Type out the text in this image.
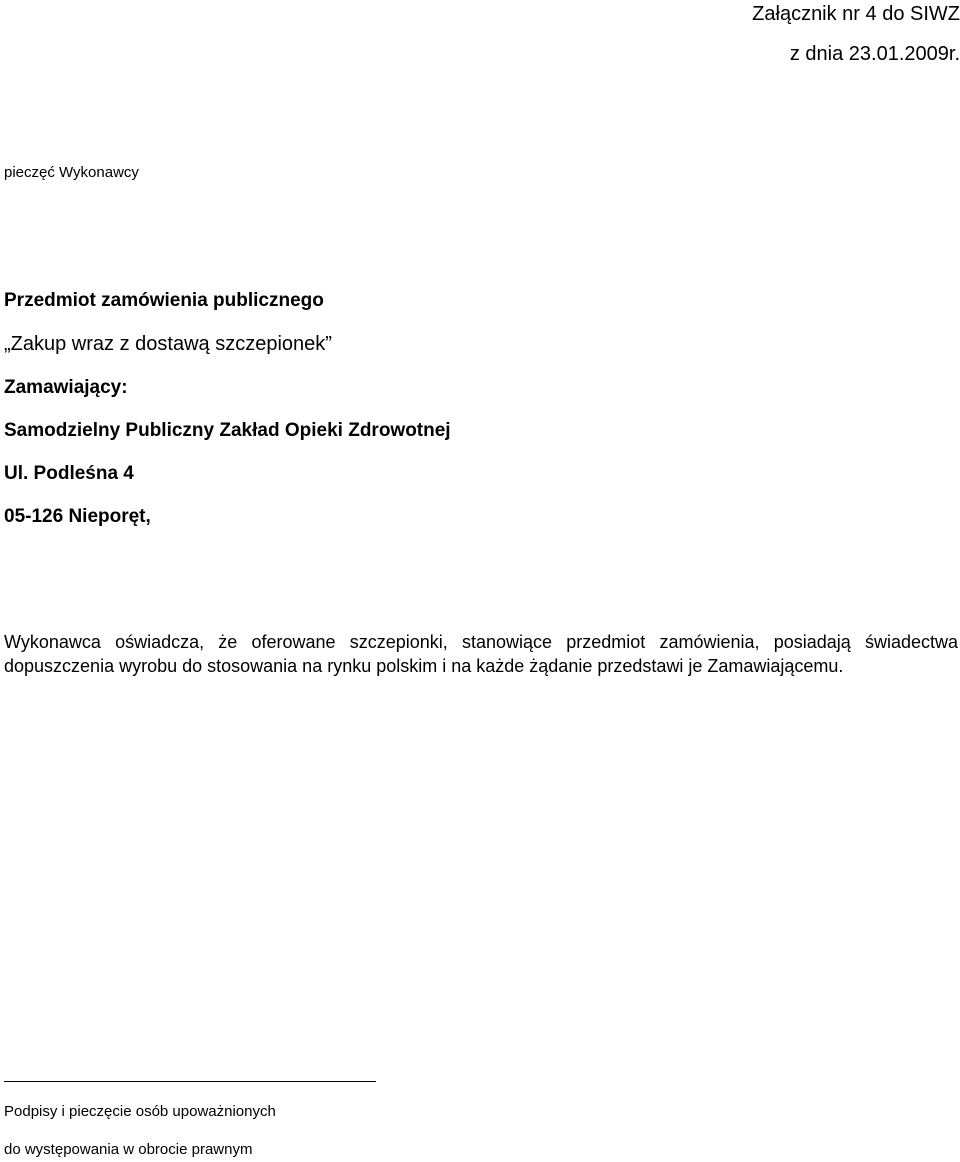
Załącznik nr 4 do SIWZ
z dnia 23.01.2009r.
pieczęć Wykonawcy
Przedmiot zamówienia publicznego
„Zakup wraz z dostawą szczepionek”
Zamawiający:
Samodzielny Publiczny Zakład Opieki Zdrowotnej
Ul. Podleśna 4
05-126 Nieporęt,
Wykonawca oświadcza, że oferowane szczepionki, stanowiące przedmiot zamówienia, posiadają świadectwa dopuszczenia wyrobu do stosowania na rynku polskim i na każde żądanie przedstawi je Zamawiającemu.
Podpisy i pieczęcie osób upoważnionych
do występowania w obrocie prawnym
